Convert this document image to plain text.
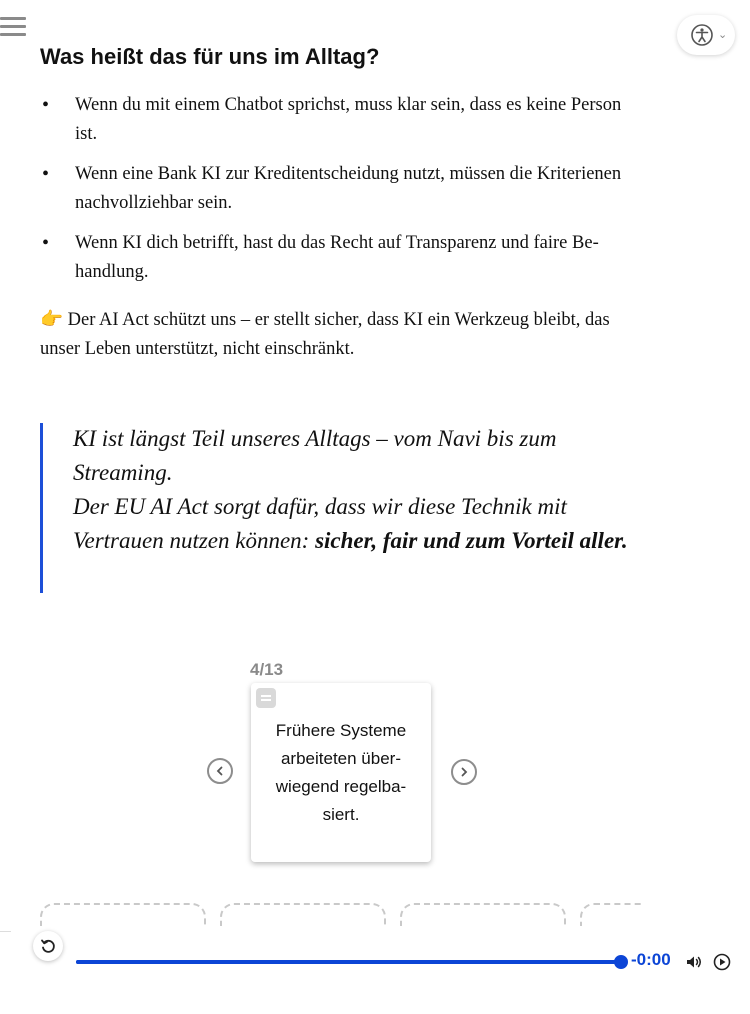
⌄
Was heißt das für uns im Alltag?
• Wenn du mit einem Chatbot sprichst, muss klar sein, dass es keine Person ist.
• Wenn eine Bank KI zur Kreditentscheidung nutzt, müssen die Kriterienen nachvollziehbar sein.
• Wenn KI dich betrifft, hast du das Recht auf Transparenz und faire Behandlung.
👉 Der AI Act schützt uns – er stellt sicher, dass KI ein Werkzeug bleibt, das unser Leben unterstützt, nicht einschränkt.

KI ist längst Teil unseres Alltags – vom Navi bis zum Streaming.
Der EU AI Act sorgt dafür, dass wir diese Technik mit Vertrauen nutzen können: sicher, fair und zum Vorteil aller.

4/13
Frühere Systeme arbeiteten überwiegend regelbasiert.
-0:00
